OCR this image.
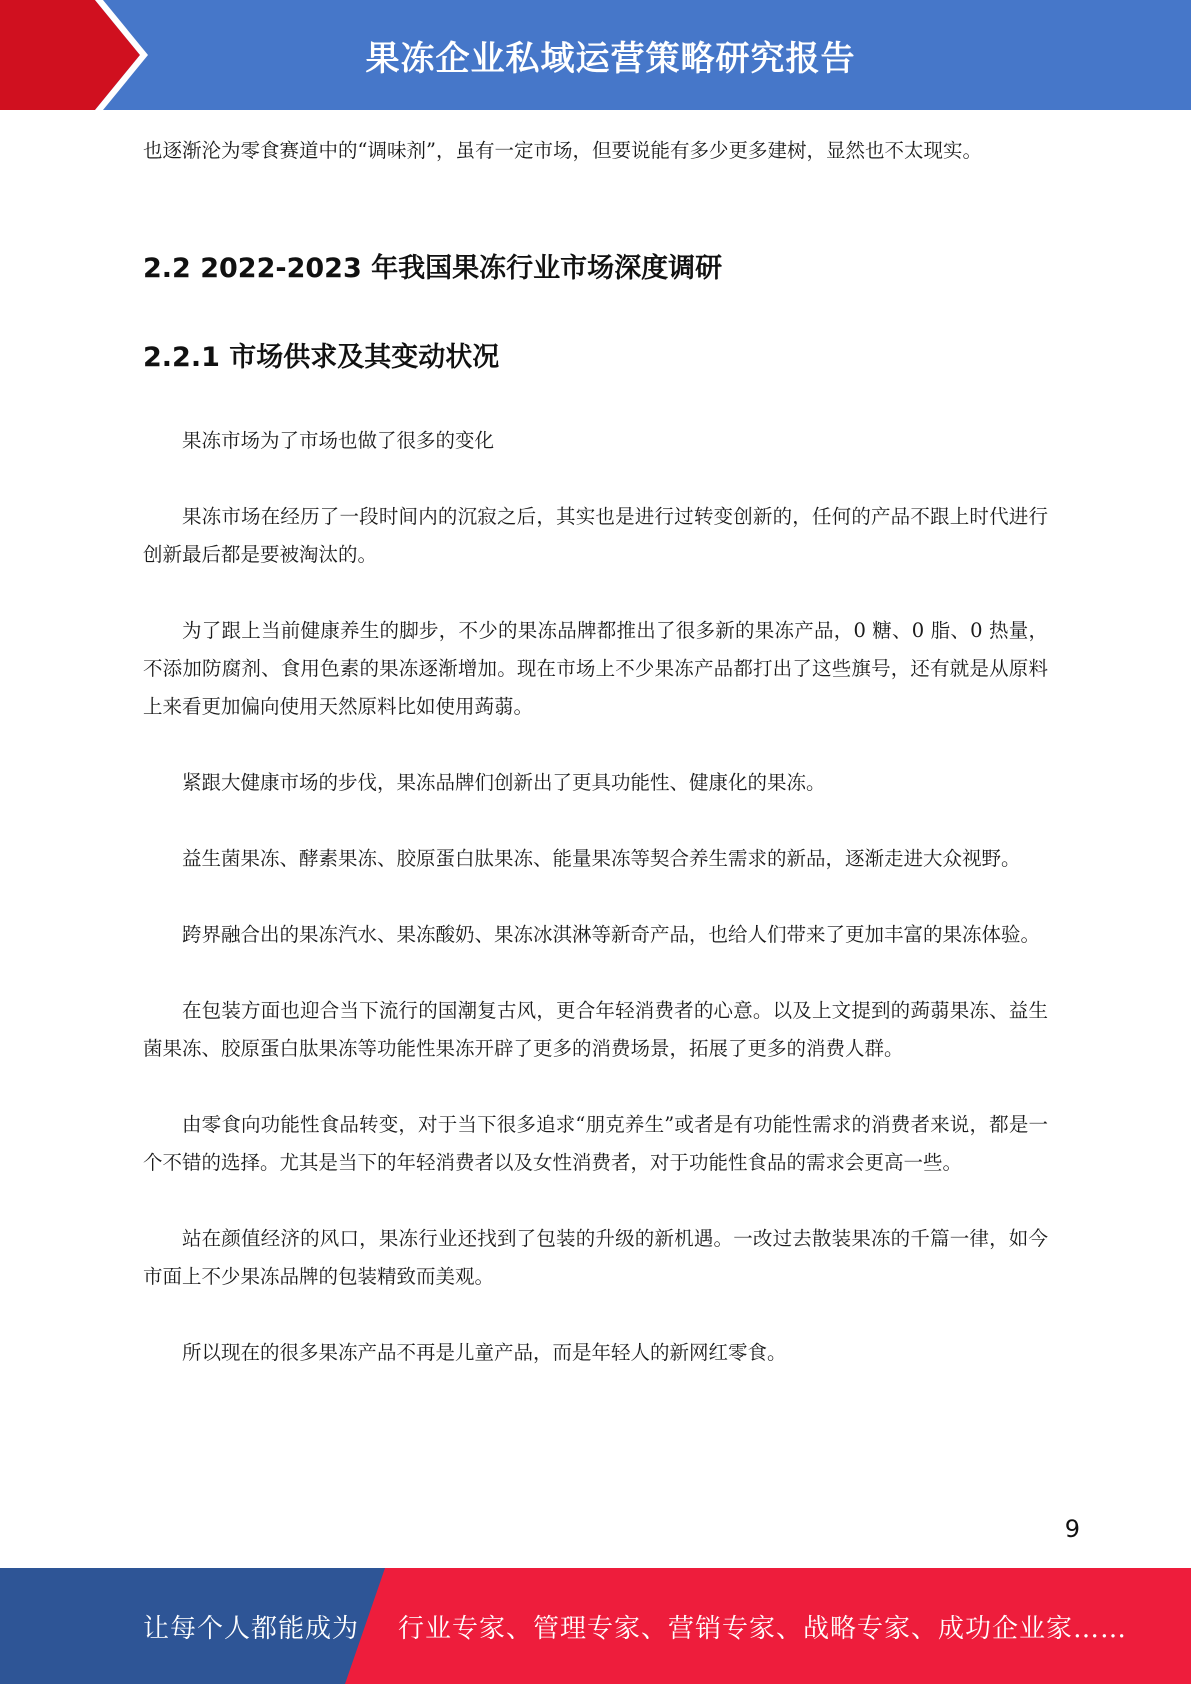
果冻企业私域运营策略研究报告

也逐渐沦为零食赛道中的“调味剂”，虽有一定市场，但要说能有多少更多建树，显然也不太现实。

2.2 2022-2023 年我国果冻行业市场深度调研
2.2.1 市场供求及其变动状况

果冻市场为了市场也做了很多的变化

果冻市场在经历了一段时间内的沉寂之后，其实也是进行过转变创新的，任何的产品不跟上时代进行创新最后都是要被淘汰的。

为了跟上当前健康养生的脚步，不少的果冻品牌都推出了很多新的果冻产品，0 糖、0 脂、0 热量，不添加防腐剂、食用色素的果冻逐渐增加。现在市场上不少果冻产品都打出了这些旗号，还有就是从原料上来看更加偏向使用天然原料比如使用蒟蒻。

紧跟大健康市场的步伐，果冻品牌们创新出了更具功能性、健康化的果冻。

益生菌果冻、酵素果冻、胶原蛋白肽果冻、能量果冻等契合养生需求的新品，逐渐走进大众视野。

跨界融合出的果冻汽水、果冻酸奶、果冻冰淇淋等新奇产品，也给人们带来了更加丰富的果冻体验。

在包装方面也迎合当下流行的国潮复古风，更合年轻消费者的心意。以及上文提到的蒟蒻果冻、益生菌果冻、胶原蛋白肽果冻等功能性果冻开辟了更多的消费场景，拓展了更多的消费人群。

由零食向功能性食品转变，对于当下很多追求“朋克养生”或者是有功能性需求的消费者来说，都是一个不错的选择。尤其是当下的年轻消费者以及女性消费者，对于功能性食品的需求会更高一些。

站在颜值经济的风口，果冻行业还找到了包装的升级的新机遇。一改过去散装果冻的千篇一律，如今市面上不少果冻品牌的包装精致而美观。

所以现在的很多果冻产品不再是儿童产品，而是年轻人的新网红零食。

9
让每个人都能成为 行业专家、管理专家、营销专家、战略专家、成功企业家……
